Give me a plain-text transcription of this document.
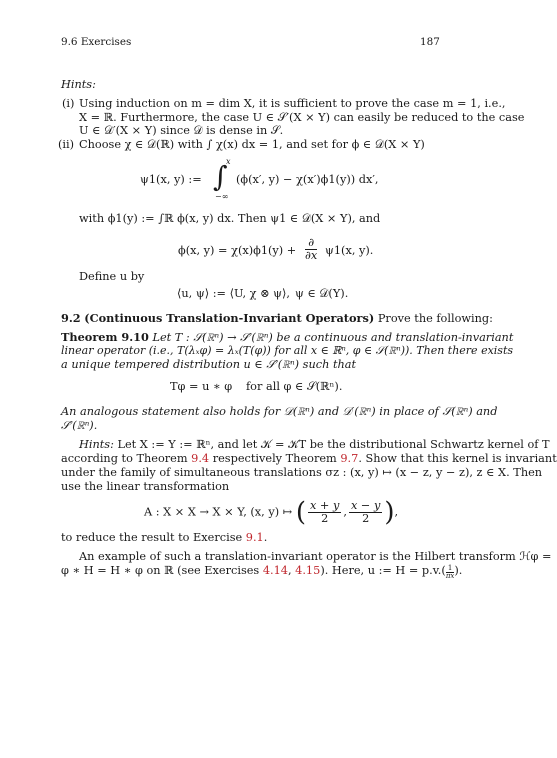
9.6 Exercises	187
Hints:
(i) Using induction on m = dim X, it is sufficient to prove the case m = 1, i.e.,
X = ℝ. Furthermore, the case U ∈ 𝒮′(X × Y) can easily be reduced to the case
U ∈ 𝒟′(X × Y) since 𝒟 is dense in 𝒮.
(ii) Choose χ ∈ 𝒟(ℝ) with ∫ χ(x) dx = 1, and set for ϕ ∈ 𝒟(X × Y)
ψ1(x, y) :=
x
∫
−∞
(ϕ(x′, y) − χ(x′)ϕ1(y)) dx′,
with ϕ1(y) := ∫ℝ ϕ(x, y) dx. Then ψ1 ∈ 𝒟(X × Y), and
ϕ(x, $y) = \chi(x)\phi 1(y) + \frac{\partial}{\partial x} \psi 1(x$, y).
Define u by
⟨u, ψ⟩ := ⟨U, χ ⊗ ψ⟩, ψ ∈ 𝒟(Y).
9.2 (Continuous Translation-Invariant Operators) Prove the following:
Theorem 9.10 Let T : 𝒮(ℝⁿ) → 𝒮′(ℝⁿ) be a continuous and translation-invariant
linear operator (i.e., T(λₓφ) = λₓ(T(φ)) for all x ∈ ℝⁿ, φ ∈ 𝒮(ℝⁿ)). Then there exists
a unique tempered distribution u ∈ 𝒮′(ℝⁿ) such that
Tφ = u ∗ φ for all φ ∈ 𝒮(ℝⁿ).
An analogous statement also holds for 𝒟(ℝⁿ) and 𝒟′(ℝⁿ) in place of 𝒮(ℝⁿ) and
𝒮′(ℝⁿ).
Hints: Let X := Y := ℝⁿ, and let 𝒦 = 𝒦T be the distributional Schwartz kernel of T
according to Theorem 9.4 respectively Theorem 9.7. Show that this kernel is invariant
under the family of simultaneous translations σz : (x, y) ↦ (x − z, y − z), z ∈ X. Then
use the linear transformation
A : X × X → X × Y, (x, y) ↦ ( $\frac{x + y}{2}$ , $\frac{x - y}{2}$ ),
to reduce the result to Exercise 9.1.
An example of such a translation-invariant operator is the Hilbert transform ℋφ =
φ ∗ H = H ∗ φ on ℝ (see Exercises 4.14, 4.15). Here, u := $H = p.v.( \frac{1}{\pi x}$ ).
